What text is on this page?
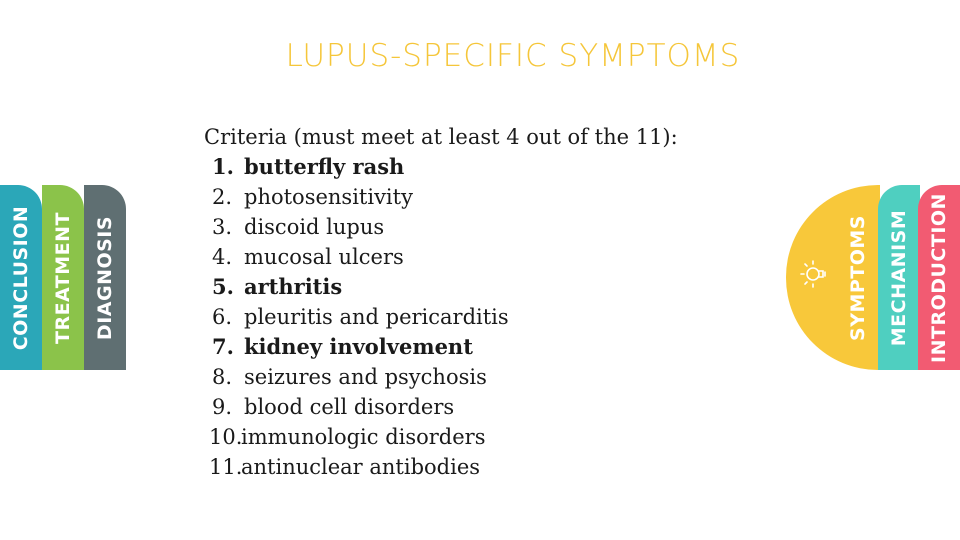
LUPUS-SPECIFIC SYMPTOMS
CONCLUSION TREATMENT DIAGNOSIS	SYMPTOMS MECHANISM INTRODUCTION
Criteria (must meet at least 4 out of the 11):
1. butterfly rash
2. photosensitivity
3. discoid lupus
4. mucosal ulcers
5. arthritis
6. pleuritis and pericarditis
7. kidney involvement
8. seizures and psychosis
9. blood cell disorders
10.
immunologic disorders
11.
antinuclear antibodies
